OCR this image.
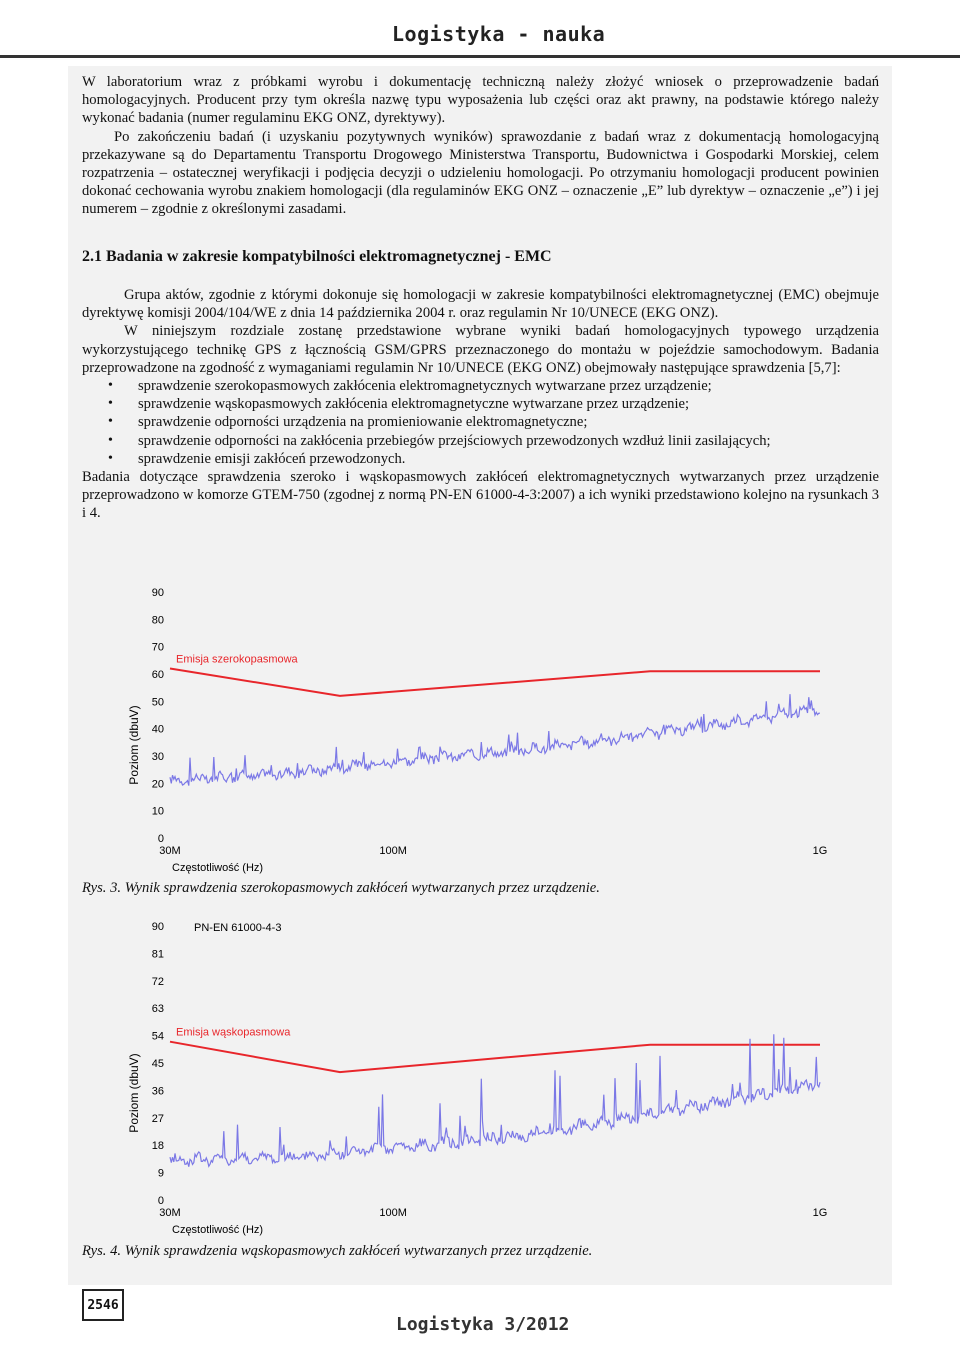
Logistyka - nauka

W laboratorium wraz z próbkami wyrobu i dokumentację techniczną należy złożyć wniosek o przeprowadzenie badań homologacyjnych. Producent przy tym określa nazwę typu wyposażenia lub części oraz akt prawny, na podstawie którego należy wykonać badania (numer regulaminu EKG ONZ, dyrektywy).

Po zakończeniu badań (i uzyskaniu pozytywnych wyników) sprawozdanie z badań wraz z dokumentacją homologacyjną przekazywane są do Departamentu Transportu Drogowego Ministerstwa Transportu, Budownictwa i Gospodarki Morskiej, celem rozpatrzenia – ostatecznej weryfikacji i podjęcia decyzji o udzieleniu homologacji. Po otrzymaniu homologacji producent powinien dokonać cechowania wyrobu znakiem homologacji (dla regulaminów EKG ONZ – oznaczenie „E” lub dyrektyw – oznaczenie „e”) i jej numerem – zgodnie z określonymi zasadami.

2.1 Badania w zakresie kompatybilności elektromagnetycznej - EMC

Grupa aktów, zgodnie z którymi dokonuje się homologacji w zakresie kompatybilności elektromagnetycznej (EMC) obejmuje dyrektywę komisji 2004/104/WE z dnia 14 października 2004 r. oraz regulamin Nr 10/UNECE (EKG ONZ).

W niniejszym rozdziale zostanę przedstawione wybrane wyniki badań homologacyjnych typowego urządzenia wykorzystującego technikę GPS z łącznością GSM/GPRS przeznaczonego do montażu w pojeździe samochodowym. Badania przeprowadzone na zgodność z wymaganiami regulamin Nr 10/UNECE (EKG ONZ) obejmowały następujące sprawdzenia [5,7]:

• sprawdzenie szerokopasmowych zakłócenia elektromagnetycznych wytwarzane przez urządzenie;
• sprawdzenie wąskopasmowych zakłócenia elektromagnetyczne wytwarzane przez urządzenie;
• sprawdzenie odporności urządzenia na promieniowanie elektromagnetyczne;
• sprawdzenie odporności na zakłócenia przebiegów przejściowych przewodzonych wzdłuż linii zasilających;
• sprawdzenie emisji zakłóceń przewodzonych.

Badania dotyczące sprawdzenia szeroko i wąskopasmowych zakłóceń elektromagnetycznych wytwarzanych przez urządzenie przeprowadzono w komorze GTEM-750 (zgodnej z normą PN-EN 61000-4-3:2007) a ich wyniki przedstawiono kolejno na rysunkach 3 i 4.

0
10
20
30
40
50
60
70
80
90
30M	100M	1G
Częstotliwość (Hz)
Poziom (dbuV)
Emisja szerokopasmowa
Rys. 3. Wynik sprawdzenia szerokopasmowych zakłóceń wytwarzanych przez urządzenie.
0
9
18
27
36
45
54
63
72
81
90
30M	100M	1G
Częstotliwość (Hz)
Poziom (dbuV)
PN-EN 61000-4-3
Emisja wąskopasmowa
Rys. 4. Wynik sprawdzenia wąskopasmowych zakłóceń wytwarzanych przez urządzenie.
2546
Logistyka 3/2012
